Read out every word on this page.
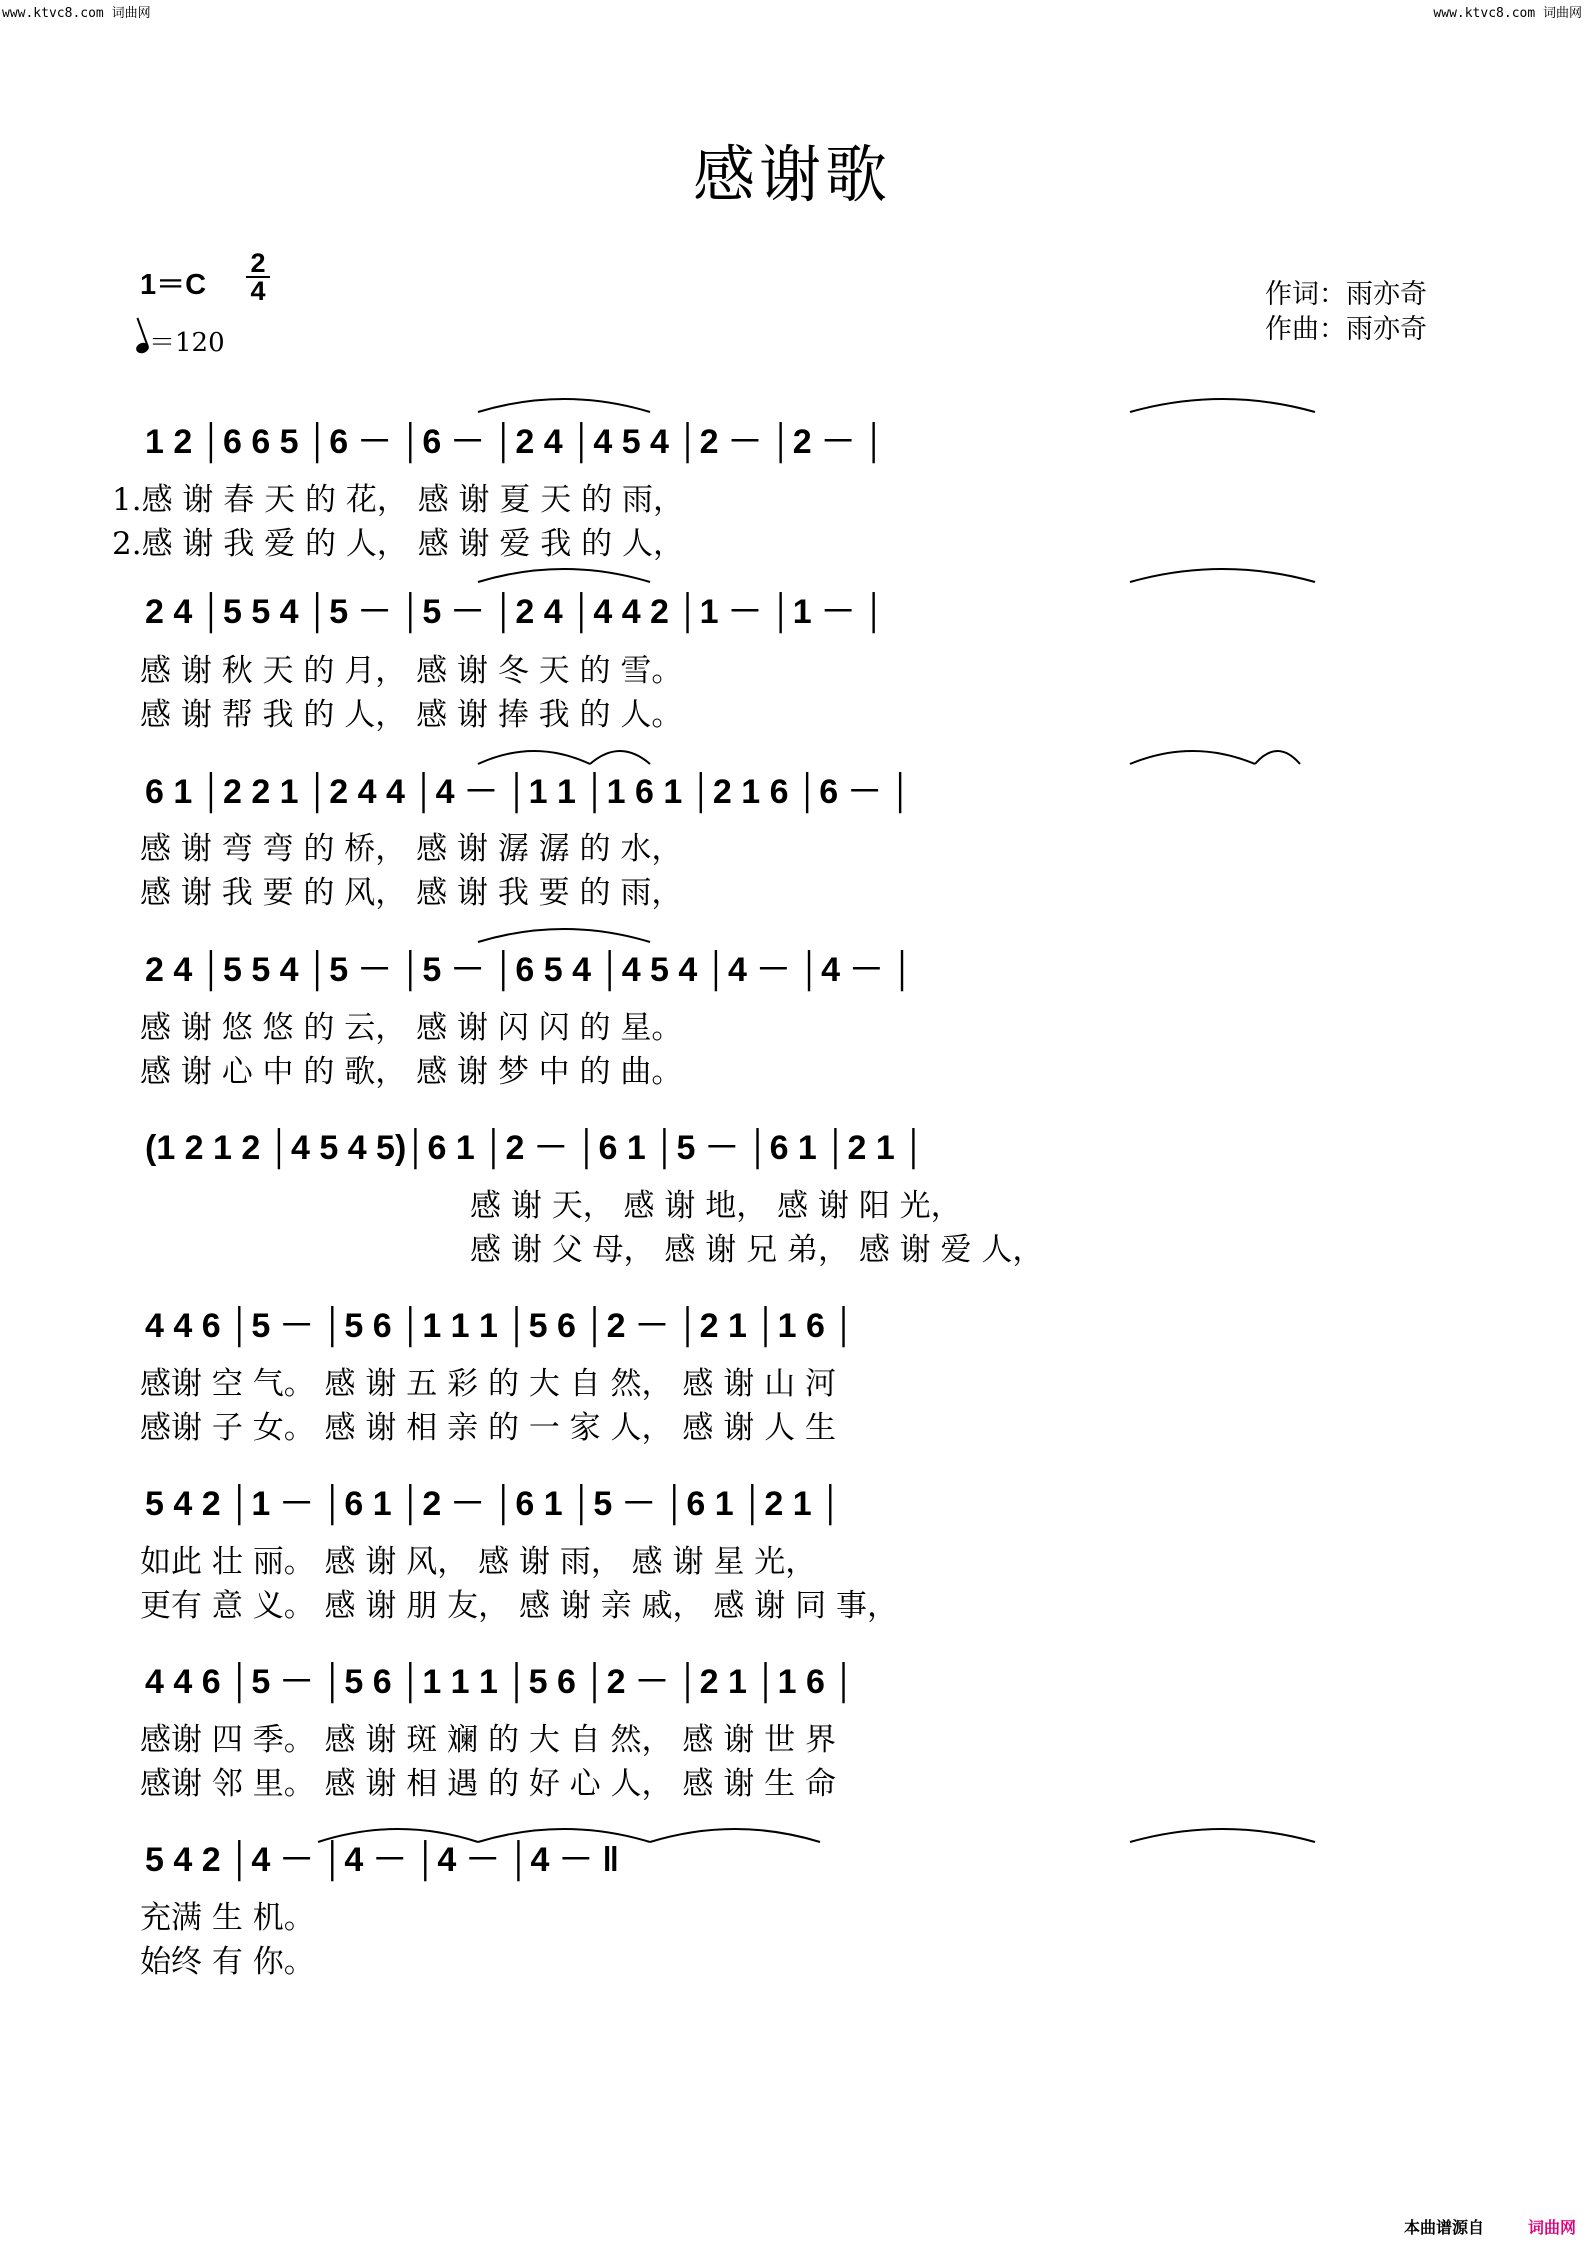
www.ktvc8.com 词曲网	www.ktvc8.com 词曲网
感谢歌
$1=C \frac{2}{4}$
＝120
作词：雨亦奇
作曲：雨亦奇
1 2 │6 6 5 │6 － │6 － │2 4 │4 5 4 │2 － │2 － │
1.感 谢 春 天 的 花， 感 谢 夏 天 的 雨，
2.感 谢 我 爱 的 人， 感 谢 爱 我 的 人，
2 4 │5 5 4 │5 － │5 － │2 4 │4 4 2 │1 － │1 － │
感 谢 秋 天 的 月， 感 谢 冬 天 的 雪。
感 谢 帮 我 的 人， 感 谢 捧 我 的 人。
6 1 │2 2 1 │2 4 4 │4 － │1 1 │1 6 1 │2 1 6 │6 － │
感 谢 弯 弯 的 桥， 感 谢 潺 潺 的 水，
感 谢 我 要 的 风， 感 谢 我 要 的 雨，
2 4 │5 5 4 │5 － │5 － │6 5 4 │4 5 4 │4 － │4 － │
感 谢 悠 悠 的 云， 感 谢 闪 闪 的 星。
感 谢 心 中 的 歌， 感 谢 梦 中 的 曲。
(1 2 1 2 │4 5 4 5)│6 1 │2 － │6 1 │5 － │6 1 │2 1 │
感 谢 天， 感 谢 地， 感 谢 阳 光，
感 谢 父 母， 感 谢 兄 弟， 感 谢 爱 人，
4 4 6 │5 － │5 6 │1 1 1 │5 6 │2 － │2 1 │1 6 │
感谢 空 气。 感 谢 五 彩 的 大 自 然， 感 谢 山 河
感谢 子 女。 感 谢 相 亲 的 一 家 人， 感 谢 人 生
5 4 2 │1 － │6 1 │2 － │6 1 │5 － │6 1 │2 1 │
如此 壮 丽。 感 谢 风， 感 谢 雨， 感 谢 星 光，
更有 意 义。 感 谢 朋 友， 感 谢 亲 戚， 感 谢 同 事，
4 4 6 │5 － │5 6 │1 1 1 │5 6 │2 － │2 1 │1 6 │
感谢 四 季。 感 谢 斑 斓 的 大 自 然， 感 谢 世 界
感谢 邻 里。 感 谢 相 遇 的 好 心 人， 感 谢 生 命
5 4 2 │4 － │4 － │4 － │4 － ‖
充满 生 机。
始终 有 你。
本曲谱源自	词曲网
